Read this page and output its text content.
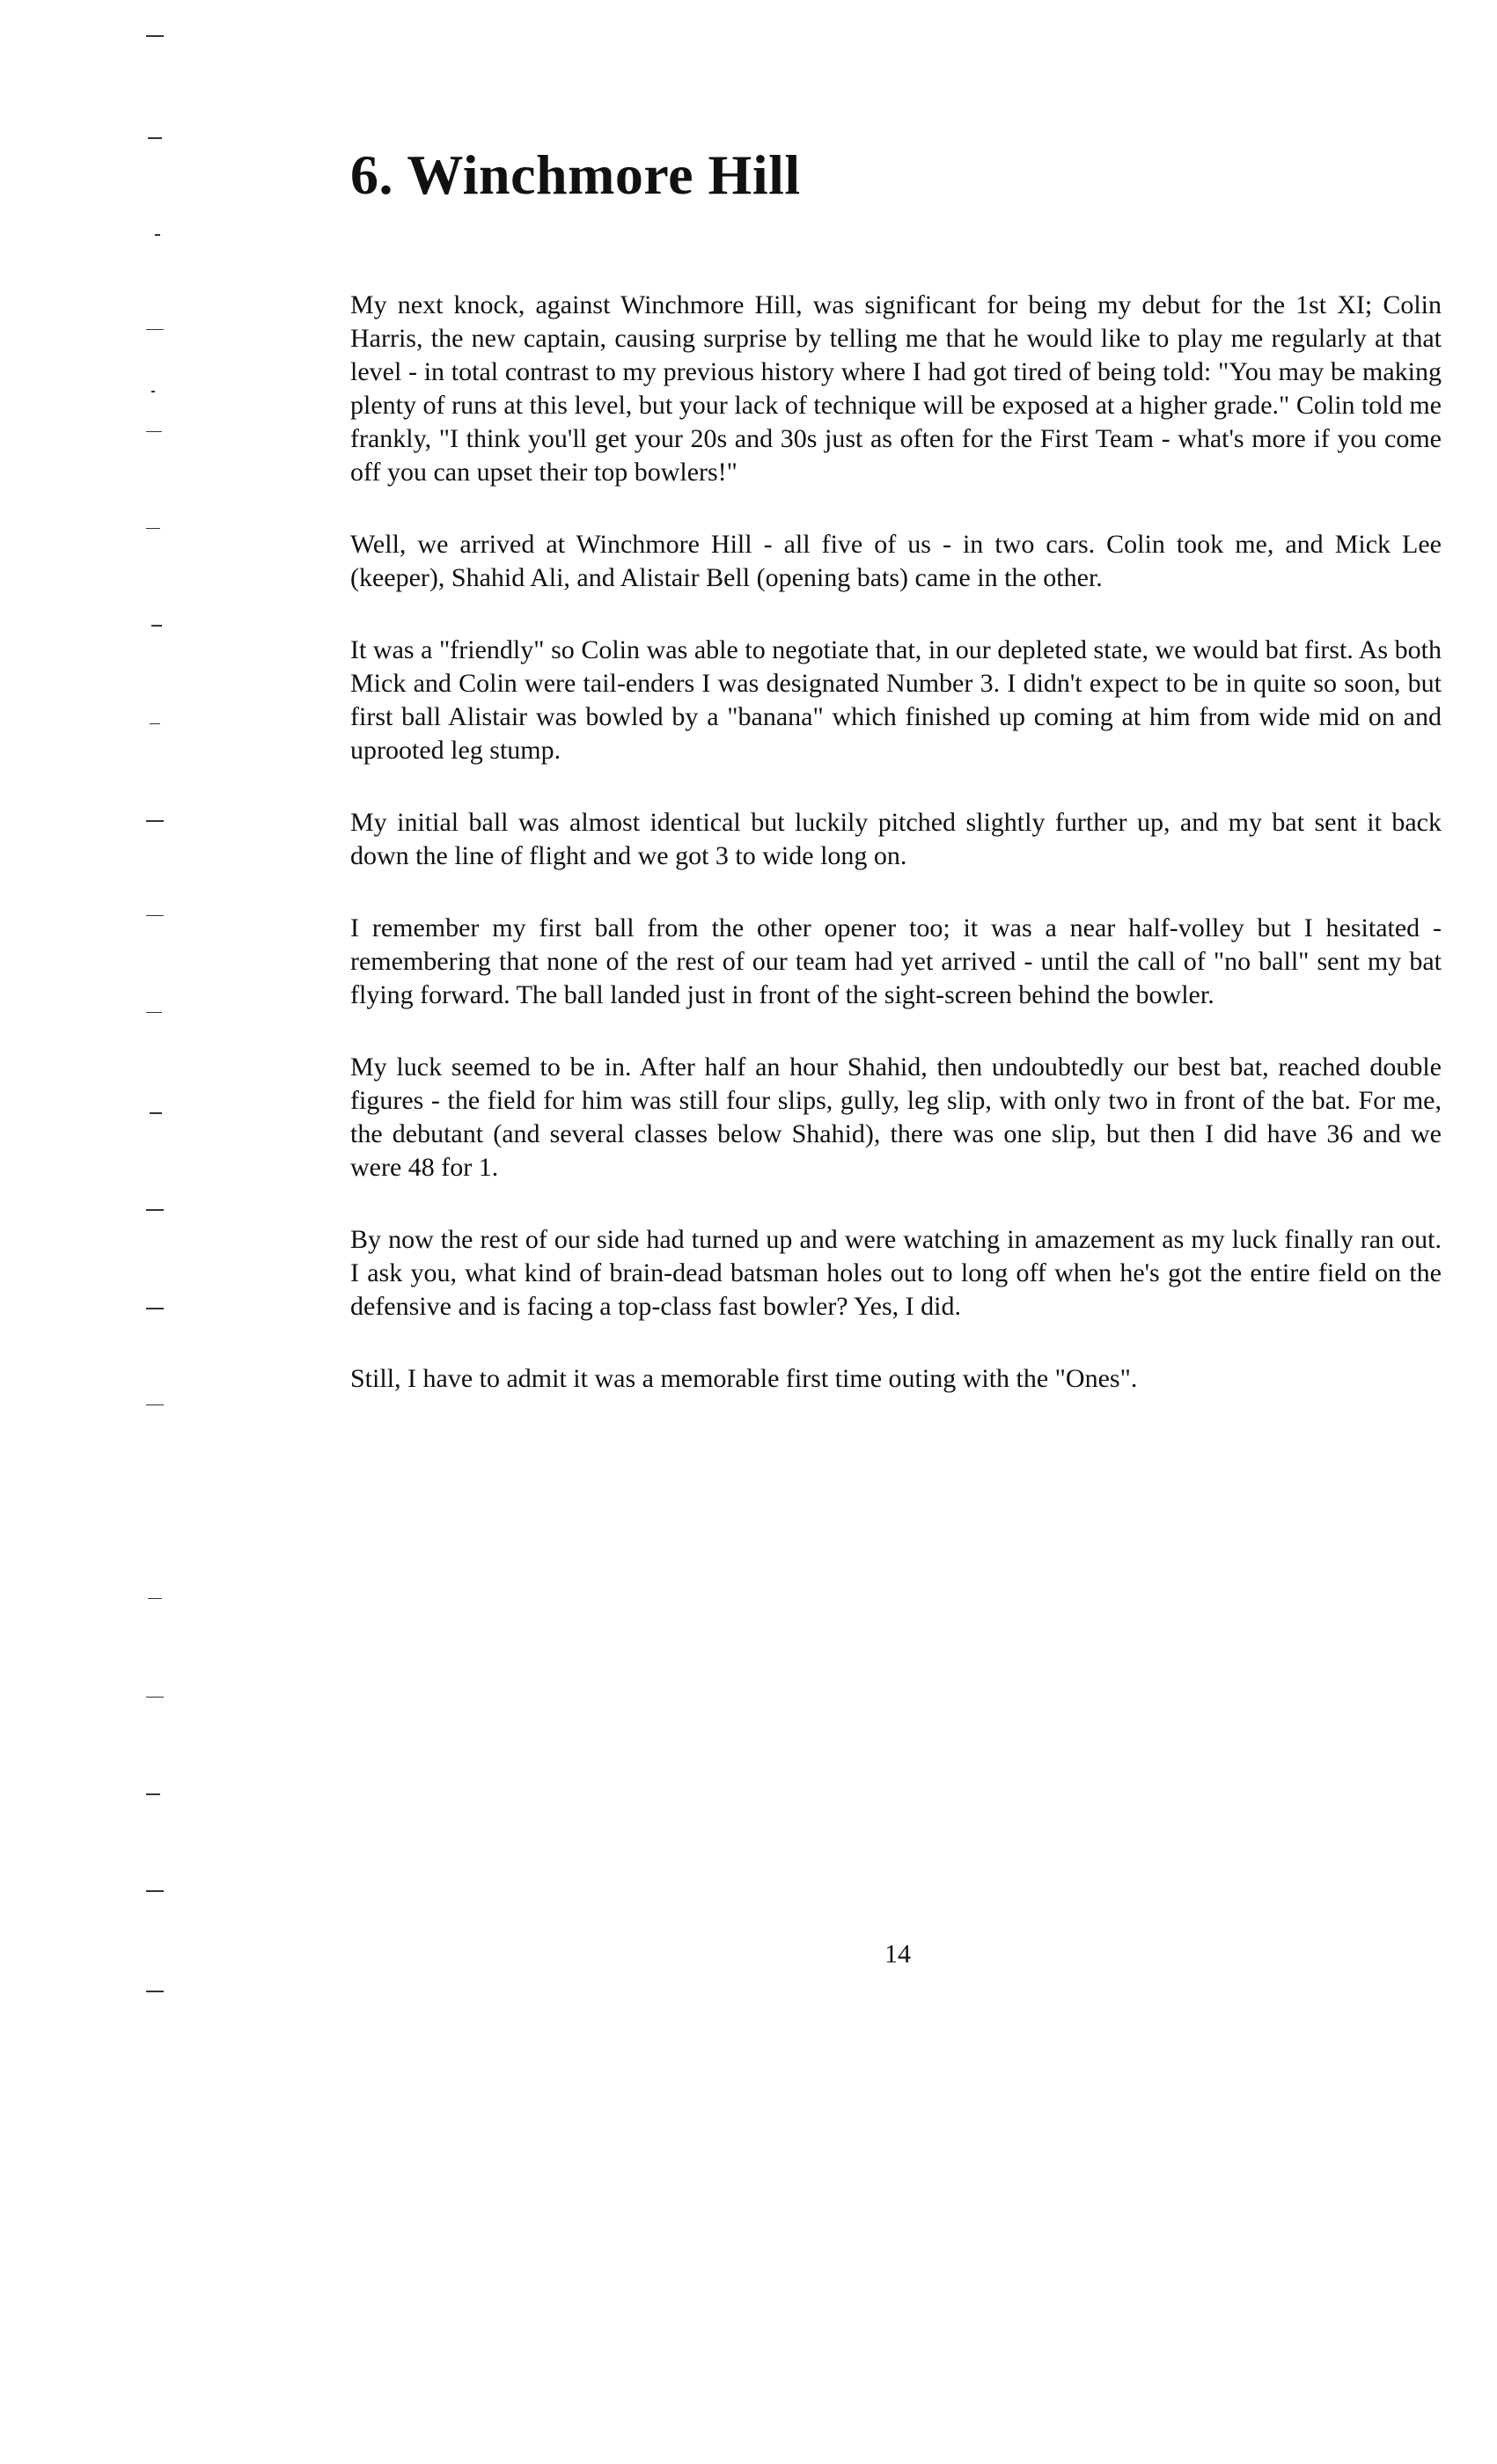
6. Winchmore Hill

My next knock, against Winchmore Hill, was significant for being my debut for the 1st XI; Colin Harris, the new captain, causing surprise by telling me that he would like to play me regularly at that level - in total contrast to my previous history where I had got tired of being told: "You may be making plenty of runs at this level, but your lack of technique will be exposed at a higher grade." Colin told me frankly, "I think you'll get your 20s and 30s just as often for the First Team - what's more if you come off you can upset their top bowlers!"

Well, we arrived at Winchmore Hill - all five of us - in two cars. Colin took me, and Mick Lee (keeper), Shahid Ali, and Alistair Bell (opening bats) came in the other.

It was a "friendly" so Colin was able to negotiate that, in our depleted state, we would bat first. As both Mick and Colin were tail-enders I was designated Number 3. I didn't expect to be in quite so soon, but first ball Alistair was bowled by a "banana" which finished up coming at him from wide mid on and uprooted leg stump.

My initial ball was almost identical but luckily pitched slightly further up, and my bat sent it back down the line of flight and we got 3 to wide long on.

I remember my first ball from the other opener too; it was a near half-volley but I hesitated - remembering that none of the rest of our team had yet arrived - until the call of "no ball" sent my bat flying forward. The ball landed just in front of the sight-screen behind the bowler.

My luck seemed to be in. After half an hour Shahid, then undoubtedly our best bat, reached double figures - the field for him was still four slips, gully, leg slip, with only two in front of the bat. For me, the debutant (and several classes below Shahid), there was one slip, but then I did have 36 and we were 48 for 1.

By now the rest of our side had turned up and were watching in amazement as my luck finally ran out. I ask you, what kind of brain-dead batsman holes out to long off when he's got the entire field on the defensive and is facing a top-class fast bowler? Yes, I did.

Still, I have to admit it was a memorable first time outing with the "Ones".

14
